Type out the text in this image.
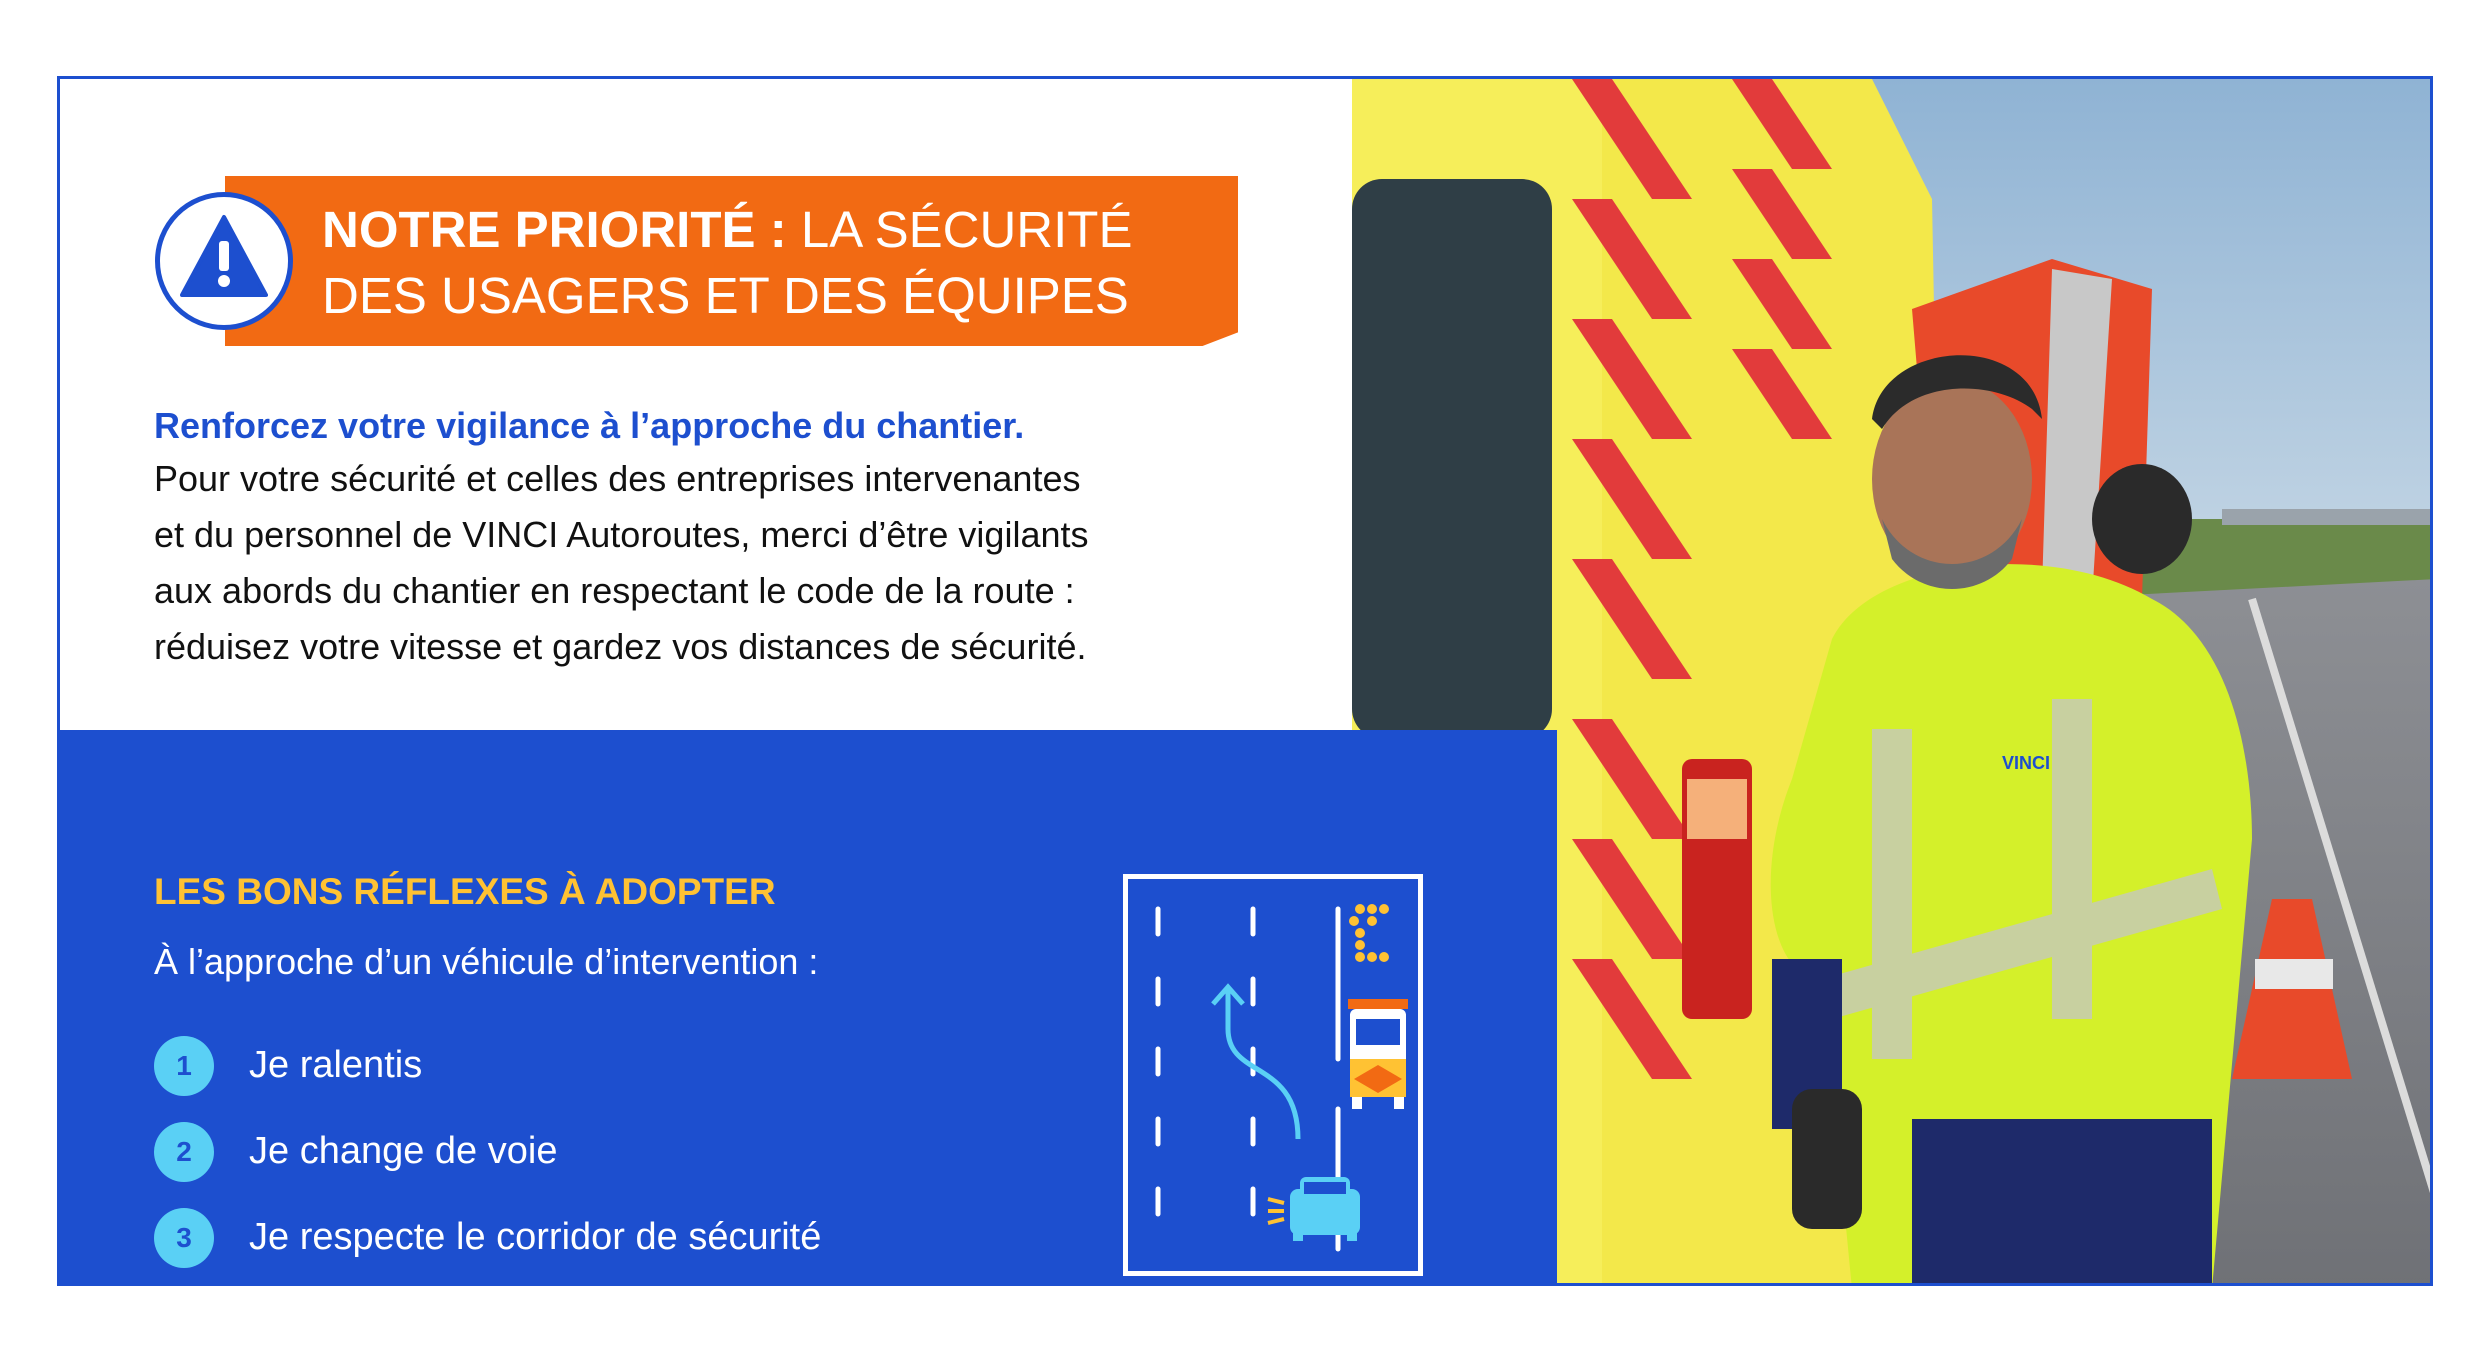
VINCI
NOTRE PRIORITÉ : LA SÉCURITÉ
DES USAGERS ET DES ÉQUIPES
Renforcez votre vigilance à l’approche du chantier.
Pour votre sécurité et celles des entreprises intervenantes
et du personnel de VINCI Autoroutes, merci d’être vigilants
aux abords du chantier en respectant le code de la route :
réduisez votre vitesse et gardez vos distances de sécurité.
LES BONS RÉFLEXES À ADOPTER
À l’approche d’un véhicule d’intervention :
1	Je ralentis
2	Je change de voie
3	Je respecte le corridor de sécurité
